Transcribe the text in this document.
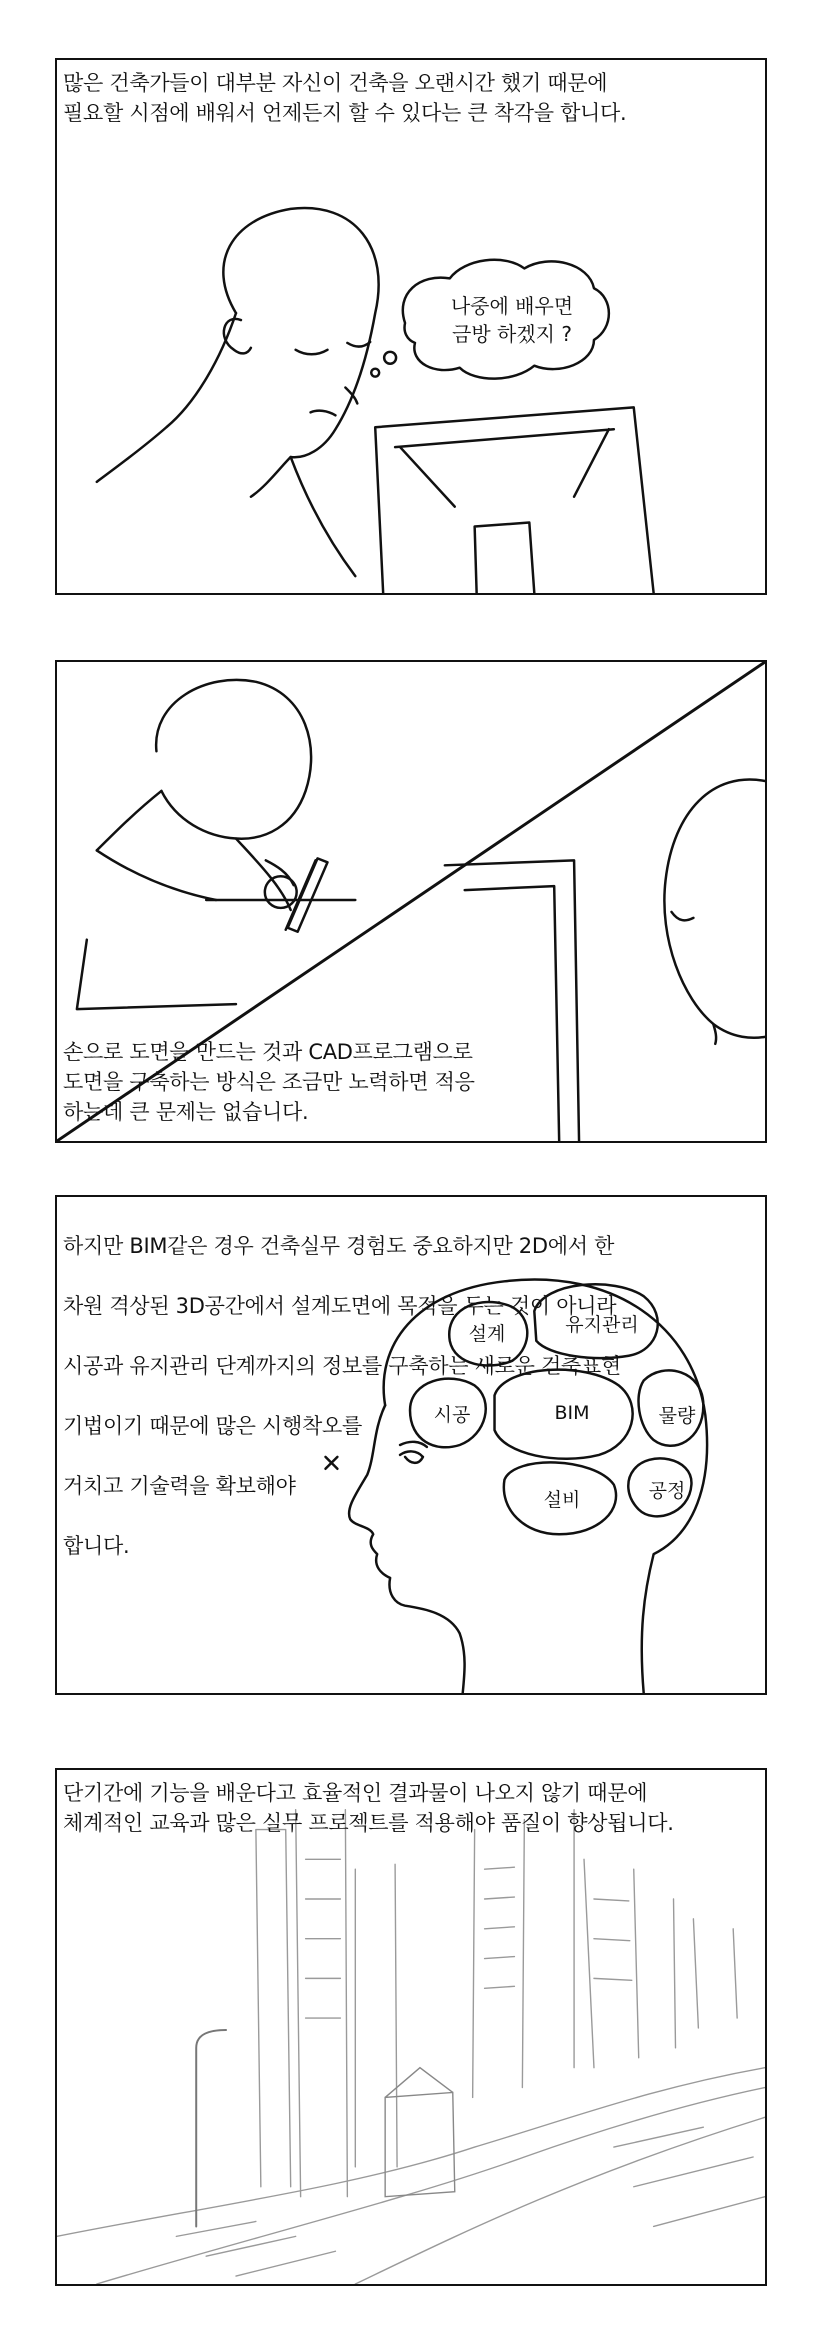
많은 건축가들이 대부분 자신이 건축을 오랜시간 했기 때문에
필요할 시점에 배워서 언제든지 할 수 있다는 큰 착각을 합니다.
나중에 배우면
금방 하겠지 ?
손으로 도면을 만드는 것과 CAD프로그램으로
도면을 구축하는 방식은 조금만 노력하면 적응
하는데 큰 문제는 없습니다.

하지만 BIM같은 경우 건축실무 경험도 중요하지만 2D에서 한

차원 격상된 3D공간에서 설계도면에 목적을 두는 것이 아니라

시공과 유지관리 단계까지의 정보를 구축하는 새로운 건축표현

기법이기 때문에 많은 시행착오를

거치고 기술력을 확보해야

합니다.

설계	유지관리
시공	BIM	물량
설비	공정
단기간에 기능을 배운다고 효율적인 결과물이 나오지 않기 때문에
체계적인 교육과 많은 실무 프로젝트를 적용해야 품질이 향상됩니다.
